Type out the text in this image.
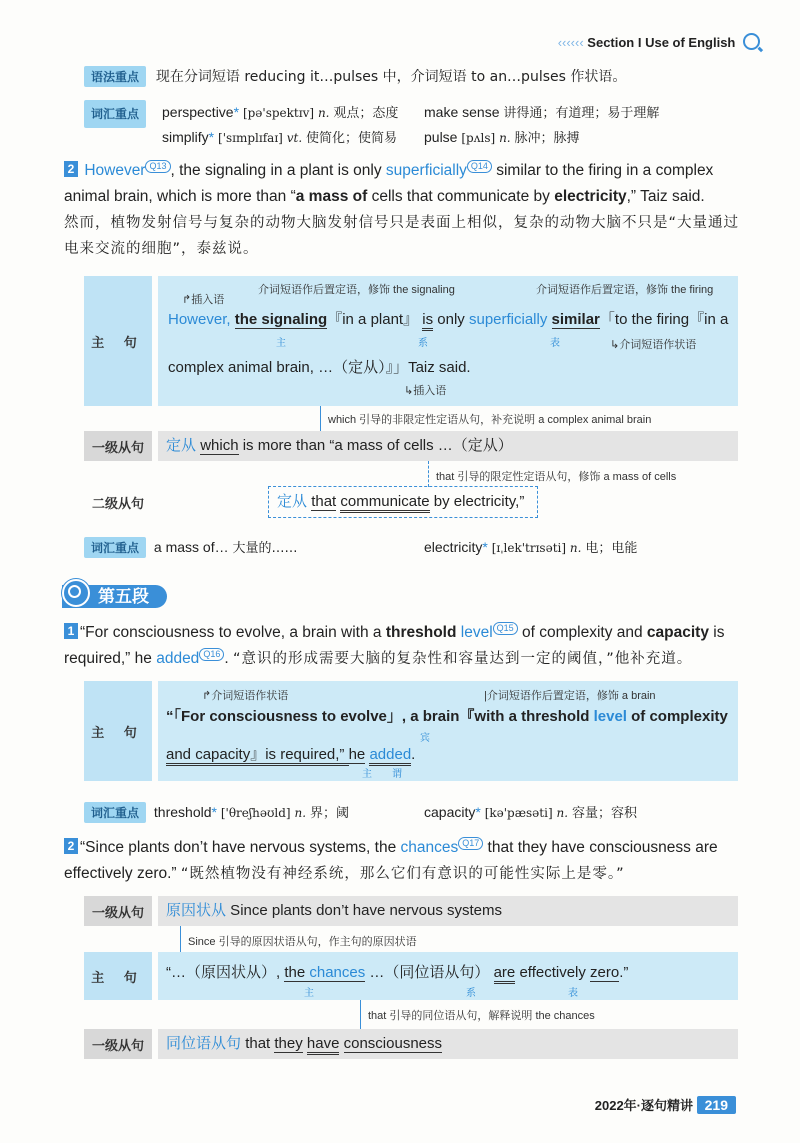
‹‹‹‹‹‹ Section I Use of English
语法重点 现在分词短语 reducing it…pulses 中，介词短语 to an…pulses 作状语。
词汇重点	perspective* [pə'spektɪv] n. 观点；态度 make sense 讲得通；有道理；易于理解
simplify* ['sɪmplɪfaɪ] vt. 使简化；使简易 pulse [pʌls] n. 脉冲；脉搏
2 However Q13 , the signaling in a plant is only superficially Q14 similar to the firing in a complex animal brain, which is more than “a mass of cells that communicate by electricity,” Taiz said.
然而，植物发射信号与复杂的动物大脑发射信号只是表面上相似，复杂的动物大脑不只是“大量通过电来交流的细胞”，泰兹说。
主 句
介词短语作后置定语，修饰 the signaling	介词短语作后置定语，修饰 the firing
↱插入语
However, the signaling『in a plant』 is only superficially similar「to the firing『in a
主	系	表	↳介词短语作状语
complex animal brain, …（定从）』」Taiz said.
↳插入语
which 引导的非限定性定语从句，补充说明 a complex animal brain
一级从句	定从 which is more than “a mass of cells …（定从）
that 引导的限定性定语从句，修饰 a mass of cells
二级从句	定从 that communicate by electricity,”
词汇重点 a mass of… 大量的……	electricity* [ɪˌlek'trɪsəti] n. 电；电能
第五段
1 “For consciousness to evolve, a brain with a threshold level Q15 of complexity and capacity is required,” he added Q16 . “意识的形成需要大脑的复杂性和容量达到一定的阈值，”他补充道。
主 句
↱介词短语作状语	|介词短语作后置定语，修饰 a brain
“「For consciousness to evolve」, a brain『with a threshold level of complexity
宾
and capacity』is required,” he added.
主 谓
词汇重点 threshold* ['θreʃhəʊld] n. 界；阈	capacity* [kə'pæsəti] n. 容量；容积
2 “Since plants don’t have nervous systems, the chances Q17 that they have consciousness are effectively zero.” “既然植物没有神经系统，那么它们有意识的可能性实际上是零。”
一级从句	原因状从 Since plants don’t have nervous systems
Since 引导的原因状语从句，作主句的原因状语
主 句	“…（原因状从）, the chances …（同位语从句） are effectively zero.”
主	系	表
that 引导的同位语从句，解释说明 the chances
一级从句	同位语从句 that they have consciousness
2022年·逐句精讲 219
